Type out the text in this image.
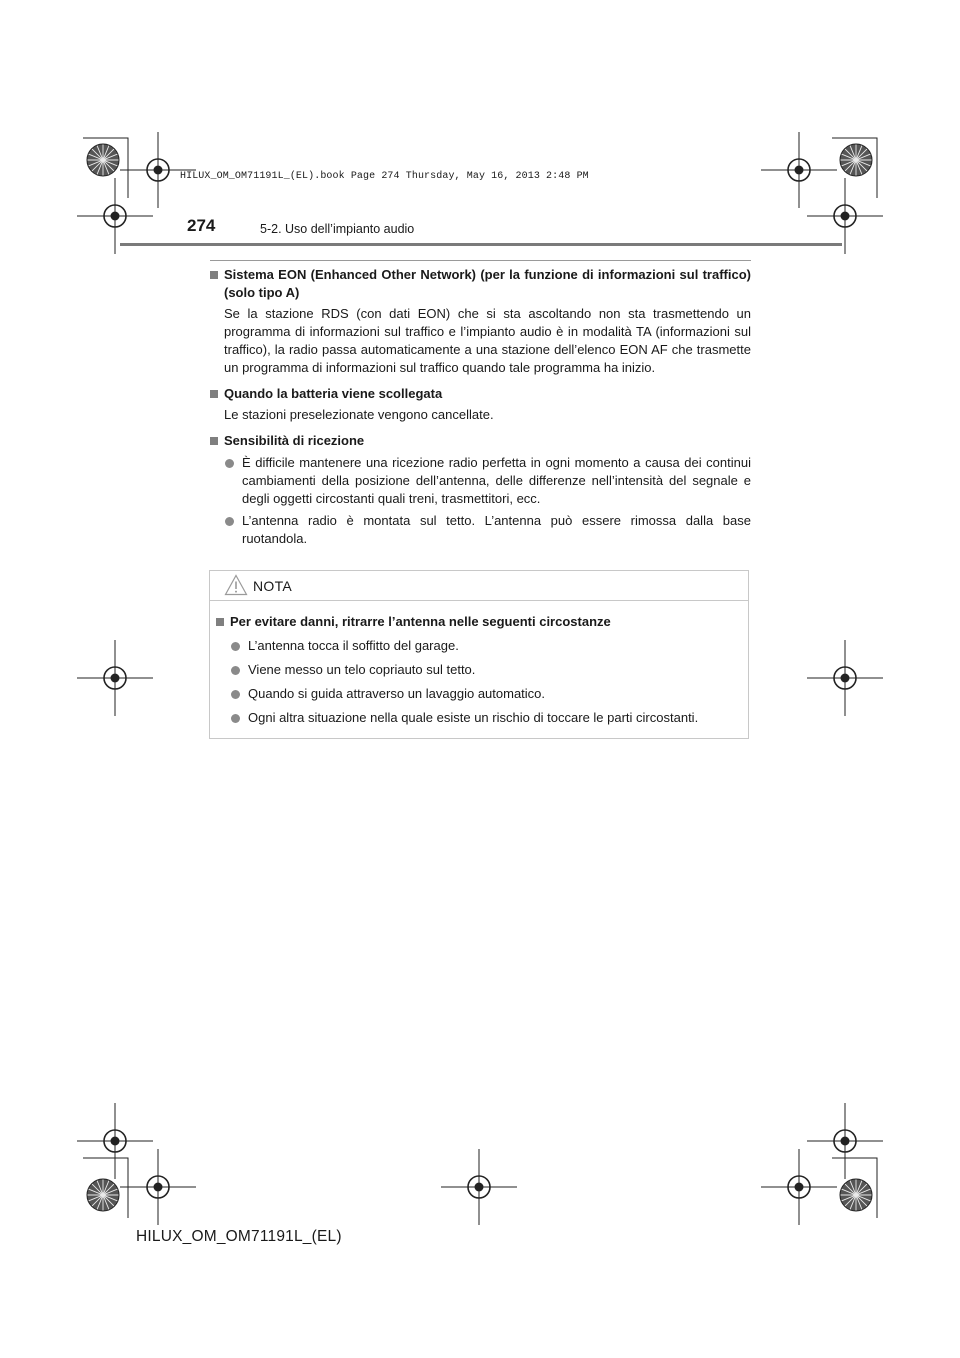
HILUX_OM_OM71191L_(EL).book Page 274 Thursday, May 16, 2013 2:48 PM
274	5-2. Uso dell’impianto audio

Sistema EON (Enhanced Other Network) (per la funzione di informazioni sul traffico) (solo tipo A)

Se la stazione RDS (con dati EON) che si sta ascoltando non sta trasmettendo un programma di informazioni sul traffico e l’impianto audio è in modalità TA (informazioni sul traffico), la radio passa automaticamente a una stazione dell’elenco EON AF che trasmette un programma di informazioni sul traffico quando tale programma ha inizio.

Quando la batteria viene scollegata

Le stazioni preselezionate vengono cancellate.

Sensibilità di ricezione

È difficile mantenere una ricezione radio perfetta in ogni momento a causa dei continui cambiamenti della posizione dell’antenna, delle differenze nell’intensità del segnale e degli oggetti circostanti quali treni, trasmettitori, ecc.

L’antenna radio è montata sul tetto. L’antenna può essere rimossa dalla base ruotandola.

NOTA

Per evitare danni, ritrarre l’antenna nelle seguenti circostanze

L’antenna tocca il soffitto del garage.

Viene messo un telo copriauto sul tetto.

Quando si guida attraverso un lavaggio automatico.

Ogni altra situazione nella quale esiste un rischio di toccare le parti circostanti.

HILUX_OM_OM71191L_(EL)
